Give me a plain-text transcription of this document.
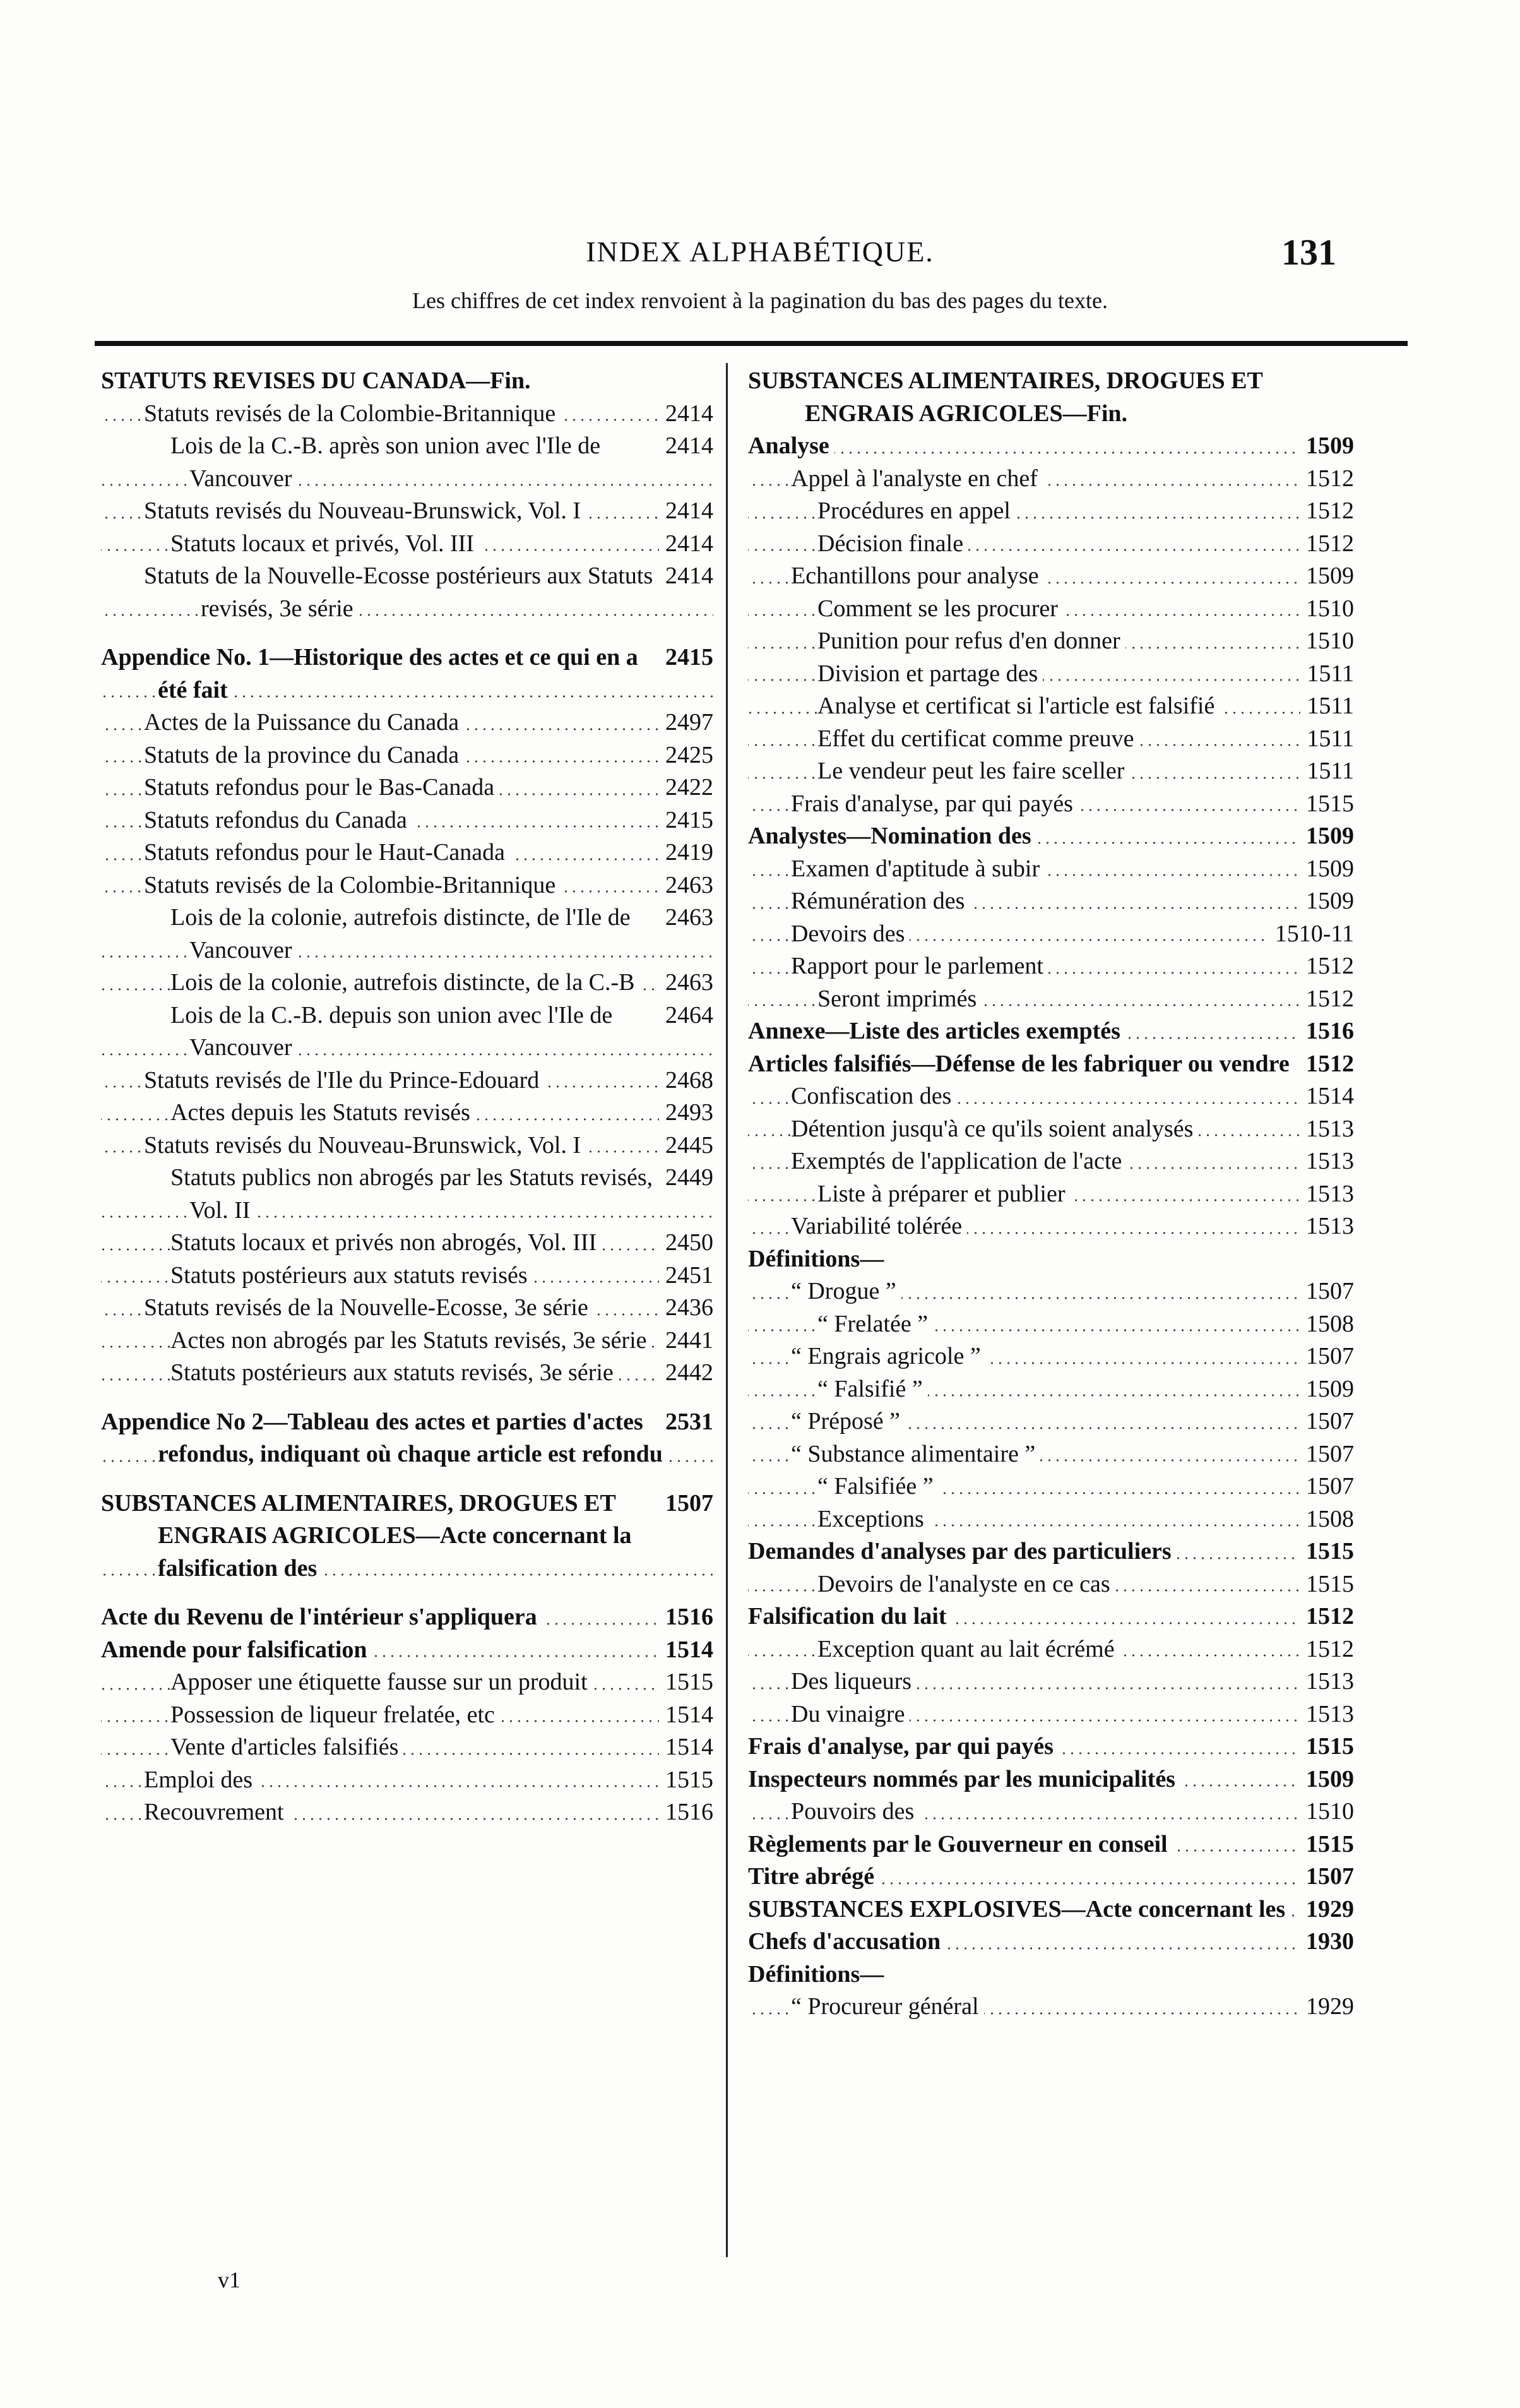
INDEX ALPHABÉTIQUE.	131
Les chiffres de cet index renvoient à la pagination du bas des pages du texte.
STATUTS REVISES DU CANADA—Fin.
2414
Statuts revisés de la Colombie-Britannique
2414
Lois de la C.-B. après son union avec l'Ile de Vancouver
2414
Statuts revisés du Nouveau-Brunswick, Vol. I
2414
Statuts locaux et privés, Vol. III
2414
Statuts de la Nouvelle-Ecosse postérieurs aux Statuts revisés, 3e série
2415
Appendice No. 1—Historique des actes et ce qui en a été fait
2497
Actes de la Puissance du Canada
2425
Statuts de la province du Canada
2422
Statuts refondus pour le Bas-Canada
2415
Statuts refondus du Canada
2419
Statuts refondus pour le Haut-Canada
2463
Statuts revisés de la Colombie-Britannique
2463
Lois de la colonie, autrefois distincte, de l'Ile de Vancouver
2463
Lois de la colonie, autrefois distincte, de la C.-B
2464
Lois de la C.-B. depuis son union avec l'Ile de Vancouver
2468
Statuts revisés de l'Ile du Prince-Edouard
2493
Actes depuis les Statuts revisés
2445
Statuts revisés du Nouveau-Brunswick, Vol. I
2449
Statuts publics non abrogés par les Statuts revisés, Vol. II
2450
Statuts locaux et privés non abrogés, Vol. III
2451
Statuts postérieurs aux statuts revisés
2436
Statuts revisés de la Nouvelle-Ecosse, 3e série
2441
Actes non abrogés par les Statuts revisés, 3e série
2442
Statuts postérieurs aux statuts revisés, 3e série
2531
Appendice No 2—Tableau des actes et parties d'actes refondus, indiquant où chaque article est refondu
1507
SUBSTANCES ALIMENTAIRES, DROGUES ET ENGRAIS AGRICOLES—Acte concernant la falsification des
1516
Acte du Revenu de l'intérieur s'appliquera
1514
Amende pour falsification
1515
Apposer une étiquette fausse sur un produit
1514
Possession de liqueur frelatée, etc
1514
Vente d'articles falsifiés
1515
Emploi des
1516
Recouvrement
SUBSTANCES ALIMENTAIRES, DROGUES ET ENGRAIS AGRICOLES—Fin.
1509
Analyse
1512
Appel à l'analyste en chef
1512
Procédures en appel
1512
Décision finale
1509
Echantillons pour analyse
1510
Comment se les procurer
1510
Punition pour refus d'en donner
1511
Division et partage des
1511
Analyse et certificat si l'article est falsifié
1511
Effet du certificat comme preuve
1511
Le vendeur peut les faire sceller
1515
Frais d'analyse, par qui payés
1509
Analystes—Nomination des
1509
Examen d'aptitude à subir
1509
Rémunération des
1510-11
Devoirs des
1512
Rapport pour le parlement
1512
Seront imprimés
1516
Annexe—Liste des articles exemptés
1512
Articles falsifiés—Défense de les fabriquer ou vendre
1514
Confiscation des
1513
Détention jusqu'à ce qu'ils soient analysés
1513
Exemptés de l'application de l'acte
1513
Liste à préparer et publier
1513
Variabilité tolérée
Définitions—
1507
“ Drogue ”
1508
“ Frelatée ”
1507
“ Engrais agricole ”
1509
“ Falsifié ”
1507
“ Préposé ”
1507
“ Substance alimentaire ”
1507
“ Falsifiée ”
1508
Exceptions
1515
Demandes d'analyses par des particuliers
1515
Devoirs de l'analyste en ce cas
1512
Falsification du lait
1512
Exception quant au lait écrémé
1513
Des liqueurs
1513
Du vinaigre
1515
Frais d'analyse, par qui payés
1509
Inspecteurs nommés par les municipalités
1510
Pouvoirs des
1515
Règlements par le Gouverneur en conseil
1507
Titre abrégé
1929
SUBSTANCES EXPLOSIVES—Acte concernant les
1930
Chefs d'accusation
Définitions—
1929
“ Procureur général
v1
